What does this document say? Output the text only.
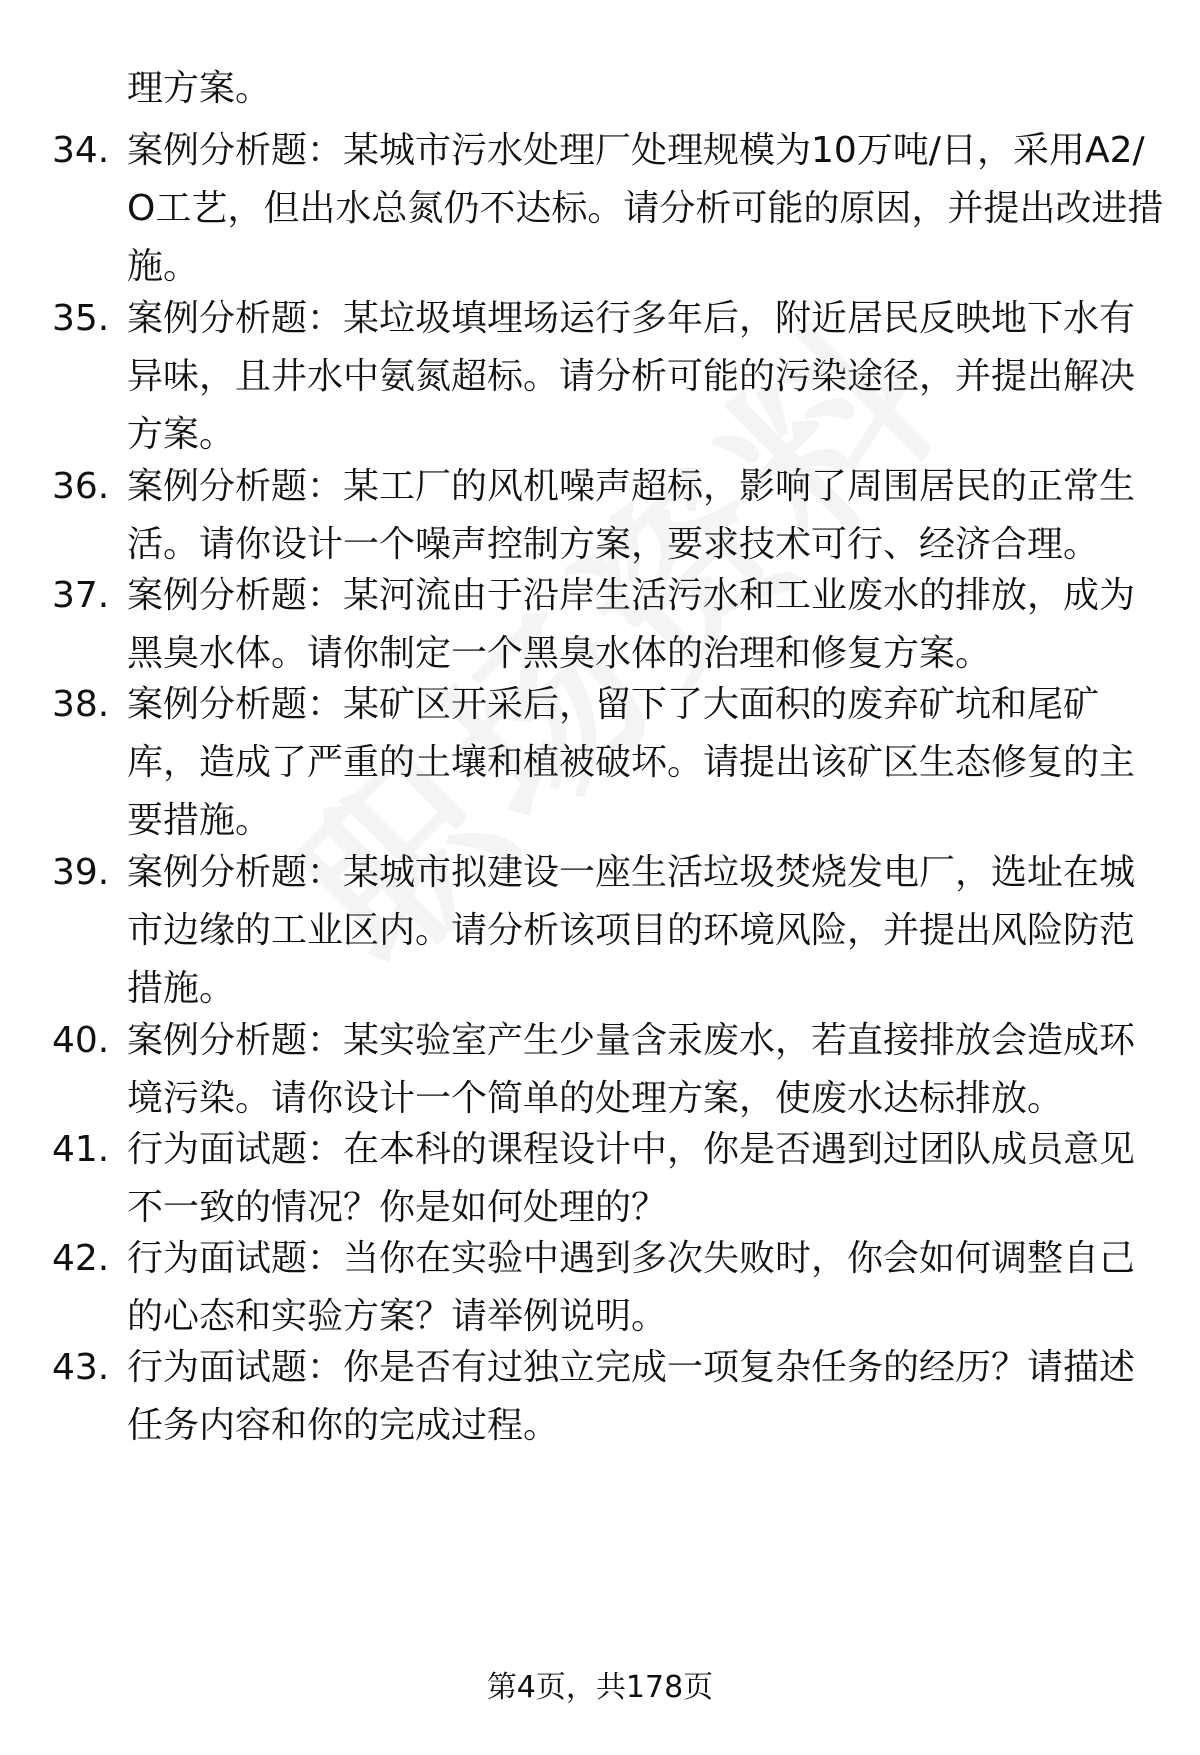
理方案。

34. 案例分析题：某城市污水处理厂处理规模为10万吨/日，采用A2/O工艺，但出水总氮仍不达标。请分析可能的原因，并提出改进措施。

35. 案例分析题：某垃圾填埋场运行多年后，附近居民反映地下水有异味，且井水中氨氮超标。请分析可能的污染途径，并提出解决方案。

36. 案例分析题：某工厂的风机噪声超标，影响了周围居民的正常生活。请你设计一个噪声控制方案，要求技术可行、经济合理。

37. 案例分析题：某河流由于沿岸生活污水和工业废水的排放，成为黑臭水体。请你制定一个黑臭水体的治理和修复方案。

38. 案例分析题：某矿区开采后，留下了大面积的废弃矿坑和尾矿库，造成了严重的土壤和植被破坏。请提出该矿区生态修复的主要措施。

39. 案例分析题：某城市拟建设一座生活垃圾焚烧发电厂，选址在城市边缘的工业区内。请分析该项目的环境风险，并提出风险防范措施。

40. 案例分析题：某实验室产生少量含汞废水，若直接排放会造成环境污染。请你设计一个简单的处理方案，使废水达标排放。

41. 行为面试题：在本科的课程设计中，你是否遇到过团队成员意见不一致的情况？你是如何处理的？

42. 行为面试题：当你在实验中遇到多次失败时，你会如何调整自己的心态和实验方案？请举例说明。

43. 行为面试题：你是否有过独立完成一项复杂任务的经历？请描述任务内容和你的完成过程。

第4页，共178页
